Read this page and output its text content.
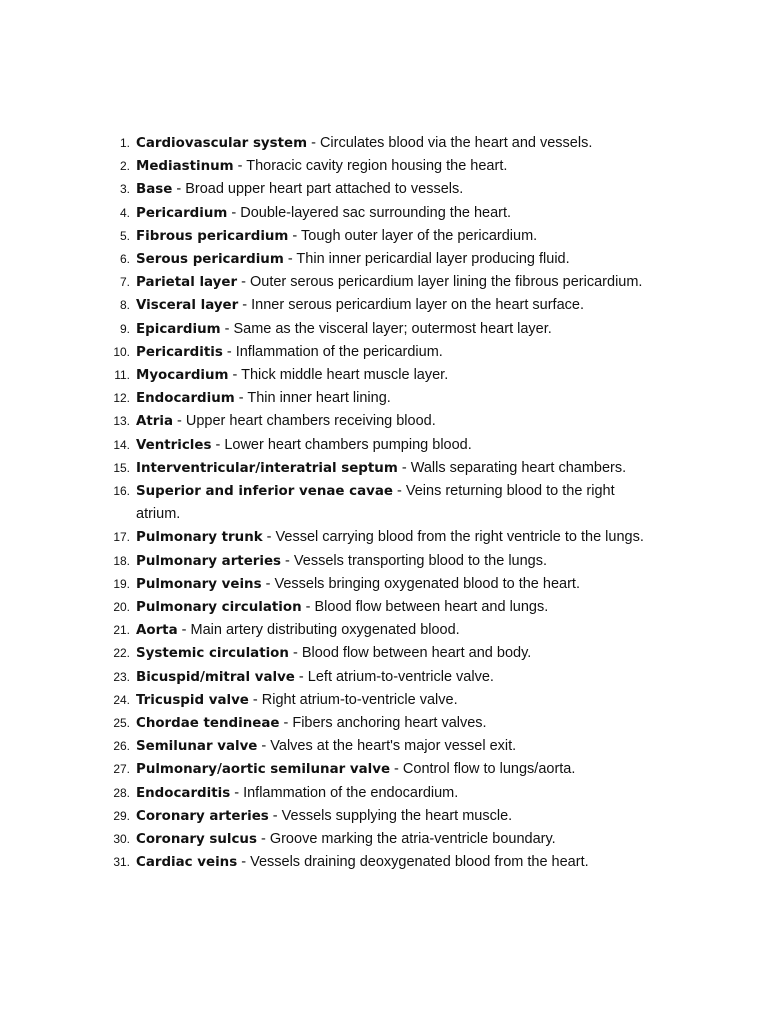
1. Cardiovascular system - Circulates blood via the heart and vessels.
2. Mediastinum - Thoracic cavity region housing the heart.
3. Base - Broad upper heart part attached to vessels.
4. Pericardium - Double-layered sac surrounding the heart.
5. Fibrous pericardium - Tough outer layer of the pericardium.
6. Serous pericardium - Thin inner pericardial layer producing fluid.
7. Parietal layer - Outer serous pericardium layer lining the fibrous pericardium.
8. Visceral layer - Inner serous pericardium layer on the heart surface.
9. Epicardium - Same as the visceral layer; outermost heart layer.
10. Pericarditis - Inflammation of the pericardium.
11. Myocardium - Thick middle heart muscle layer.
12. Endocardium - Thin inner heart lining.
13. Atria - Upper heart chambers receiving blood.
14. Ventricles - Lower heart chambers pumping blood.
15. Interventricular/interatrial septum - Walls separating heart chambers.
16. Superior and inferior venae cavae - Veins returning blood to the right atrium.
17. Pulmonary trunk - Vessel carrying blood from the right ventricle to the lungs.
18. Pulmonary arteries - Vessels transporting blood to the lungs.
19. Pulmonary veins - Vessels bringing oxygenated blood to the heart.
20. Pulmonary circulation - Blood flow between heart and lungs.
21. Aorta - Main artery distributing oxygenated blood.
22. Systemic circulation - Blood flow between heart and body.
23. Bicuspid/mitral valve - Left atrium-to-ventricle valve.
24. Tricuspid valve - Right atrium-to-ventricle valve.
25. Chordae tendineae - Fibers anchoring heart valves.
26. Semilunar valve - Valves at the heart's major vessel exit.
27. Pulmonary/aortic semilunar valve - Control flow to lungs/aorta.
28. Endocarditis - Inflammation of the endocardium.
29. Coronary arteries - Vessels supplying the heart muscle.
30. Coronary sulcus - Groove marking the atria-ventricle boundary.
31. Cardiac veins - Vessels draining deoxygenated blood from the heart.
